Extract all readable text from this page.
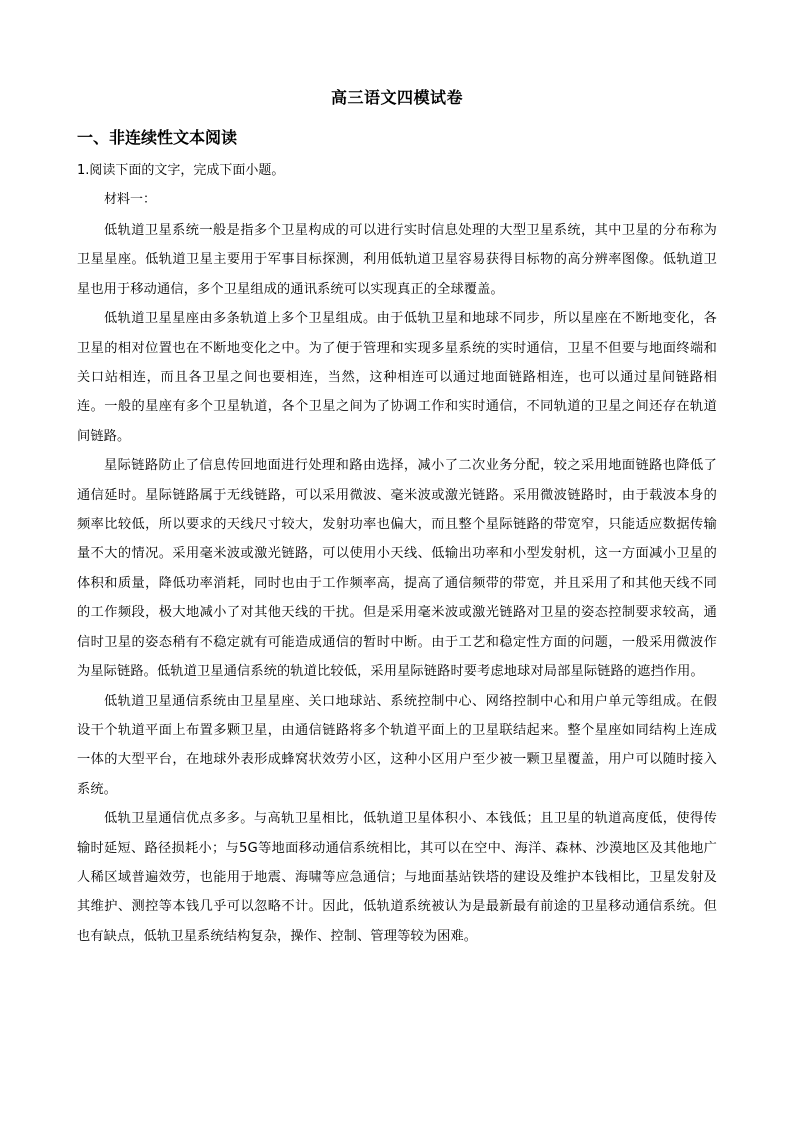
高三语文四模试卷
一、非连续性文本阅读
1.阅读下面的文字，完成下面小题。
材料一：

低轨道卫星系统一般是指多个卫星构成的可以进行实时信息处理的大型卫星系统，其中卫星的分布称为卫星星座。低轨道卫星主要用于军事目标探测，利用低轨道卫星容易获得目标物的高分辨率图像。低轨道卫星也用于移动通信，多个卫星组成的通讯系统可以实现真正的全球覆盖。

低轨道卫星星座由多条轨道上多个卫星组成。由于低轨卫星和地球不同步，所以星座在不断地变化，各卫星的相对位置也在不断地变化之中。为了便于管理和实现多星系统的实时通信，卫星不但要与地面终端和关口站相连，而且各卫星之间也要相连，当然，这种相连可以通过地面链路相连，也可以通过星间链路相连。一般的星座有多个卫星轨道，各个卫星之间为了协调工作和实时通信，不同轨道的卫星之间还存在轨道间链路。

星际链路防止了信息传回地面进行处理和路由选择，减小了二次业务分配，较之采用地面链路也降低了通信延时。星际链路属于无线链路，可以采用微波、毫米波或激光链路。采用微波链路时，由于载波本身的频率比较低，所以要求的天线尺寸较大，发射功率也偏大，而且整个星际链路的带宽窄，只能适应数据传输量不大的情况。采用毫米波或激光链路，可以使用小天线、低输出功率和小型发射机，这一方面减小卫星的体积和质量，降低功率消耗，同时也由于工作频率高，提高了通信频带的带宽，并且采用了和其他天线不同的工作频段，极大地减小了对其他天线的干扰。但是采用毫米波或激光链路对卫星的姿态控制要求较高，通信时卫星的姿态稍有不稳定就有可能造成通信的暂时中断。由于工艺和稳定性方面的问题，一般采用微波作为星际链路。低轨道卫星通信系统的轨道比较低，采用星际链路时要考虑地球对局部星际链路的遮挡作用。

低轨道卫星通信系统由卫星星座、关口地球站、系统控制中心、网络控制中心和用户单元等组成。在假设干个轨道平面上布置多颗卫星，由通信链路将多个轨道平面上的卫星联结起来。整个星座如同结构上连成一体的大型平台，在地球外表形成蜂窝状效劳小区，这种小区用户至少被一颗卫星覆盖，用户可以随时接入系统。

低轨卫星通信优点多多。与高轨卫星相比，低轨道卫星体积小、本钱低；且卫星的轨道高度低，使得传输时延短、路径损耗小；与5G等地面移动通信系统相比，其可以在空中、海洋、森林、沙漠地区及其他地广人稀区域普遍效劳，也能用于地震、海啸等应急通信；与地面基站铁塔的建设及维护本钱相比，卫星发射及其维护、测控等本钱几乎可以忽略不计。因此，低轨道系统被认为是最新最有前途的卫星移动通信系统。但也有缺点，低轨卫星系统结构复杂，操作、控制、管理等较为困难。
